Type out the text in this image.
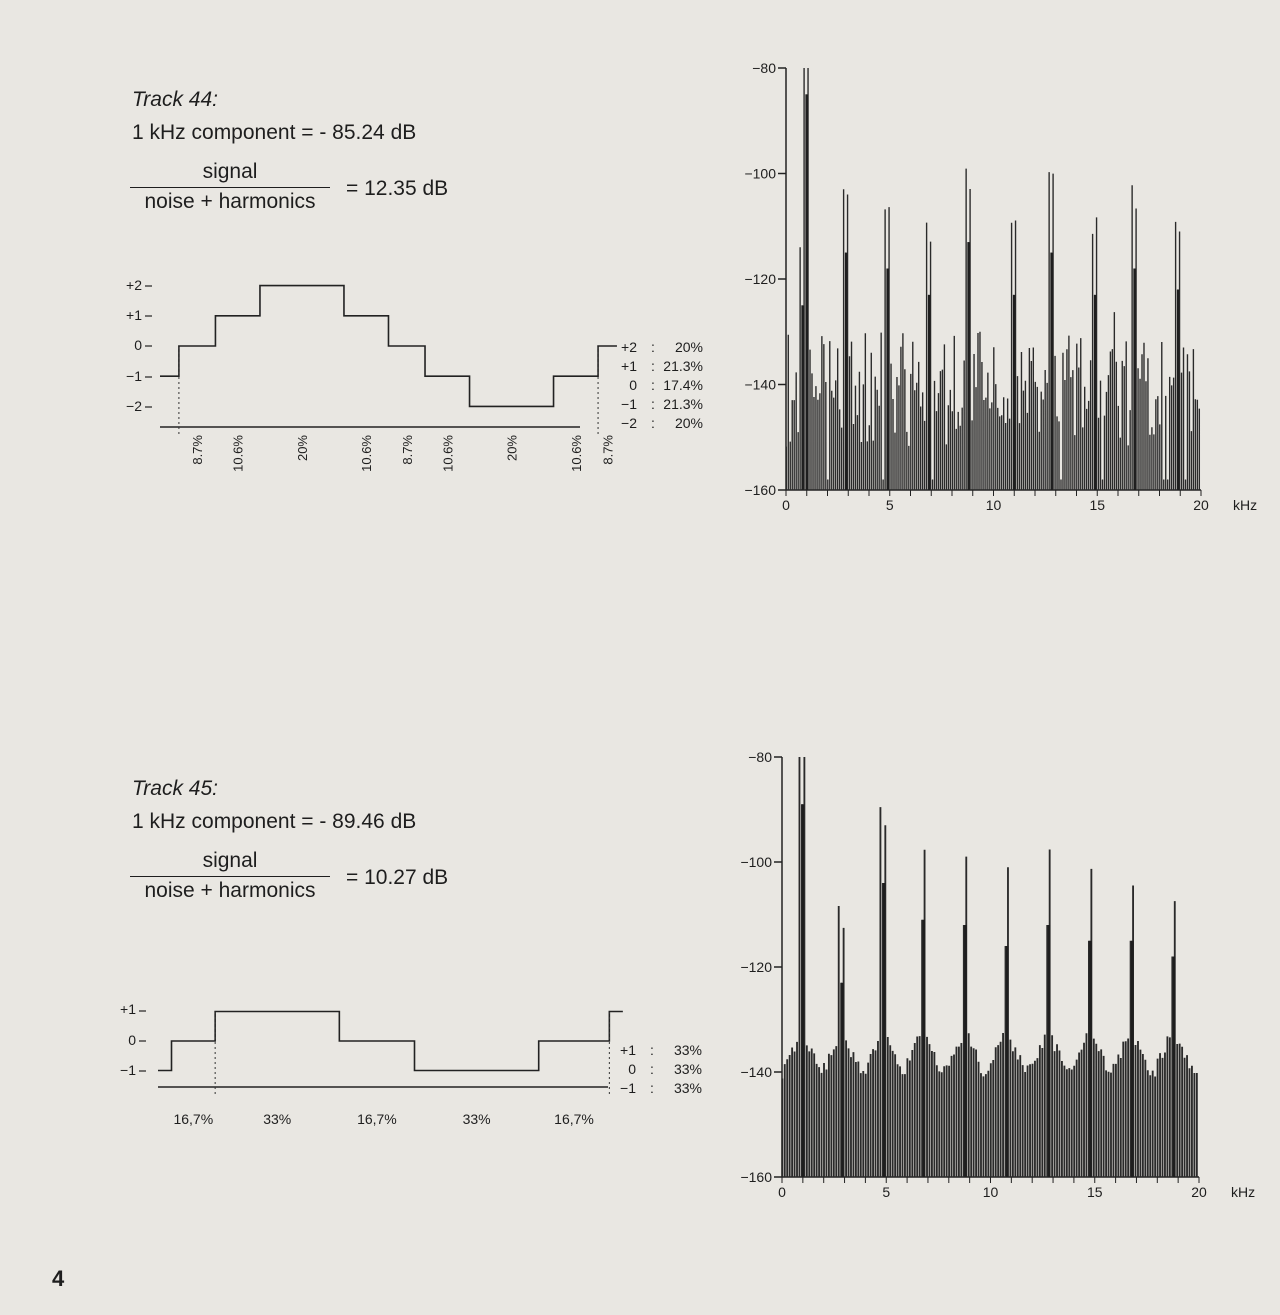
Track 44:
1 kHz component = - 85.24 dB
signal
noise + harmonics
= 12.35 dB
Track 45:
1 kHz component = - 89.46 dB
signal
noise + harmonics
= 10.27 dB
4
+2
+1
0
−1
−2
8.7% 10.6%	20%	10.6% 8.7% 10.6%	20%	10.6% 8.7%
+2 : 20%
+1 : 21.3%
0 : 17.4%
−1 : 21.3%
−2 : 20%
+1
0
−1
16,7%	33%	16,7%	33%	16,7%
+1 : 33%
0 : 33%
−1 : 33%
−80
−100
−120
−140
−160
0	5	10	15	20 kHz
−80
−100
−120
−140
−160
0	5	10	15	20 kHz
